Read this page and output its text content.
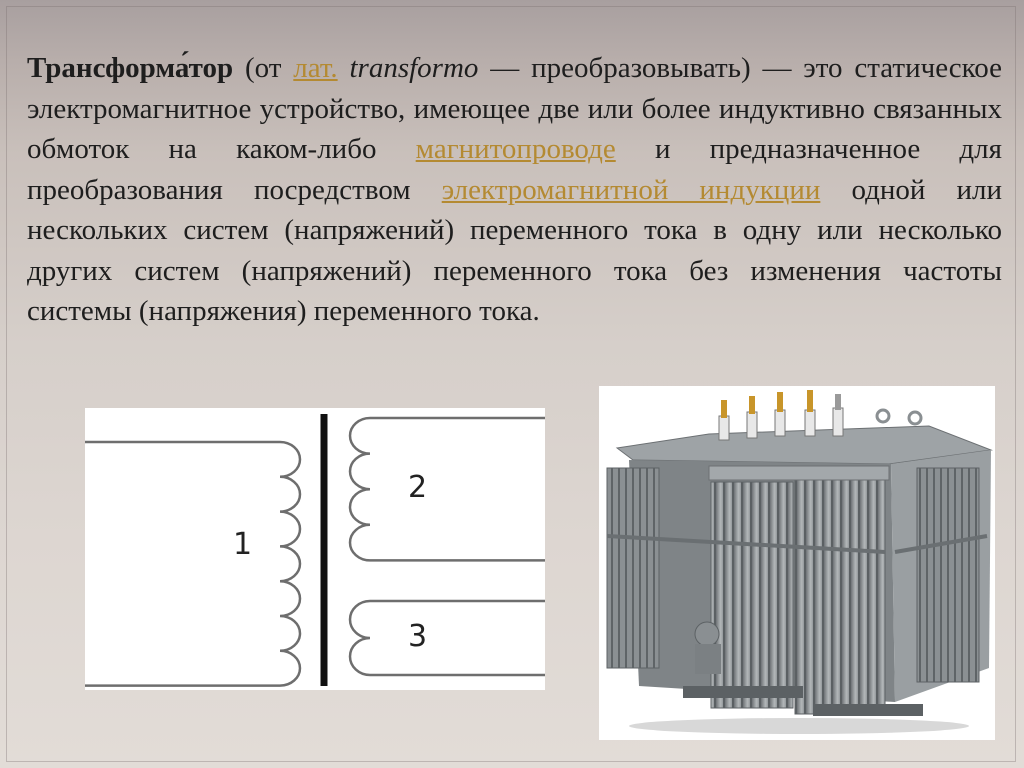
Трансформа́тор (от лат. transformo — преобразовывать) — это статическое электромагнитное устройство, имеющее две или более индуктивно связанных обмоток на каком-либо магнитопроводе и предназначенное для преобразования посредством электромагнитной индукции одной или нескольких систем (напряжений) переменного тока в одну или несколько других систем (напряжений) переменного тока без изменения частоты системы (напряжения) переменного тока.

1
2
3
